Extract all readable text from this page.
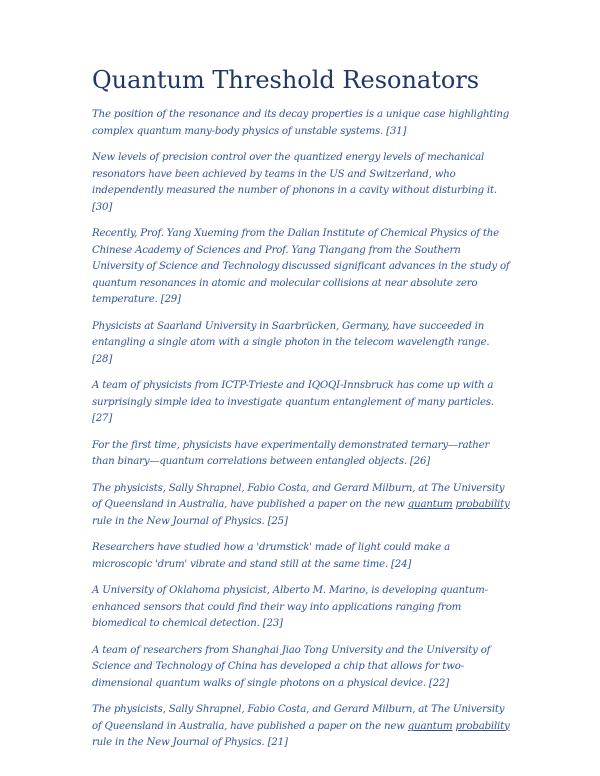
Quantum Threshold Resonators

The position of the resonance and its decay properties is a unique case highlighting complex quantum many-body physics of unstable systems. [31]

New levels of precision control over the quantized energy levels of mechanical resonators have been achieved by teams in the US and Switzerland, who independently measured the number of phonons in a cavity without disturbing it. [30]

Recently, Prof. Yang Xueming from the Dalian Institute of Chemical Physics of the Chinese Academy of Sciences and Prof. Yang Tiangang from the Southern University of Science and Technology discussed significant advances in the study of quantum resonances in atomic and molecular collisions at near absolute zero temperature. [29]

Physicists at Saarland University in Saarbrücken, Germany, have succeeded in entangling a single atom with a single photon in the telecom wavelength range. [28]

A team of physicists from ICTP-Trieste and IQOQI-Innsbruck has come up with a surprisingly simple idea to investigate quantum entanglement of many particles. [27]

For the first time, physicists have experimentally demonstrated ternary—rather than binary—quantum correlations between entangled objects. [26]

The physicists, Sally Shrapnel, Fabio Costa, and Gerard Milburn, at The University of Queensland in Australia, have published a paper on the new quantum probability rule in the New Journal of Physics. [25]

Researchers have studied how a 'drumstick' made of light could make a microscopic 'drum' vibrate and stand still at the same time. [24]

A University of Oklahoma physicist, Alberto M. Marino, is developing quantum-enhanced sensors that could find their way into applications ranging from biomedical to chemical detection. [23]

A team of researchers from Shanghai Jiao Tong University and the University of Science and Technology of China has developed a chip that allows for two-dimensional quantum walks of single photons on a physical device. [22]

The physicists, Sally Shrapnel, Fabio Costa, and Gerard Milburn, at The University of Queensland in Australia, have published a paper on the new quantum probability rule in the New Journal of Physics. [21]
